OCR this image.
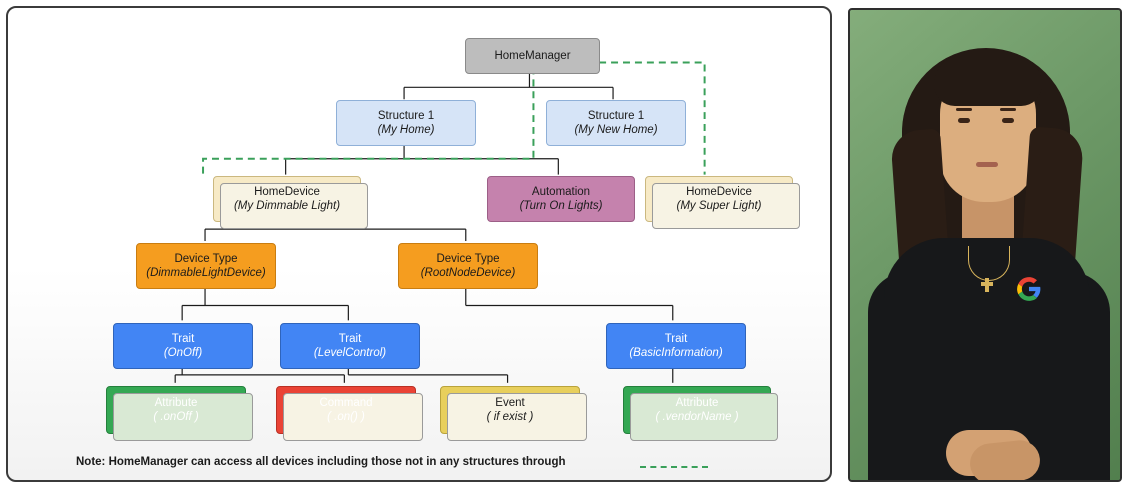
HomeManager
Structure 1
(My Home)
Structure 1
(My New Home)
HomeDevice
(My Dimmable Light)
Automation
(Turn On Lights)
HomeDevice
(My Super Light)
Device Type
(DimmableLightDevice)
Device Type
(RootNodeDevice)
Trait
(OnOff)
Trait
(LevelControl)
Trait
(BasicInformation)
Attribute
( .onOff )
Command
( .on() )
Event
( if exist )
Attribute
( .vendorName )
Note: HomeManager can access all devices including those not in any structures through
